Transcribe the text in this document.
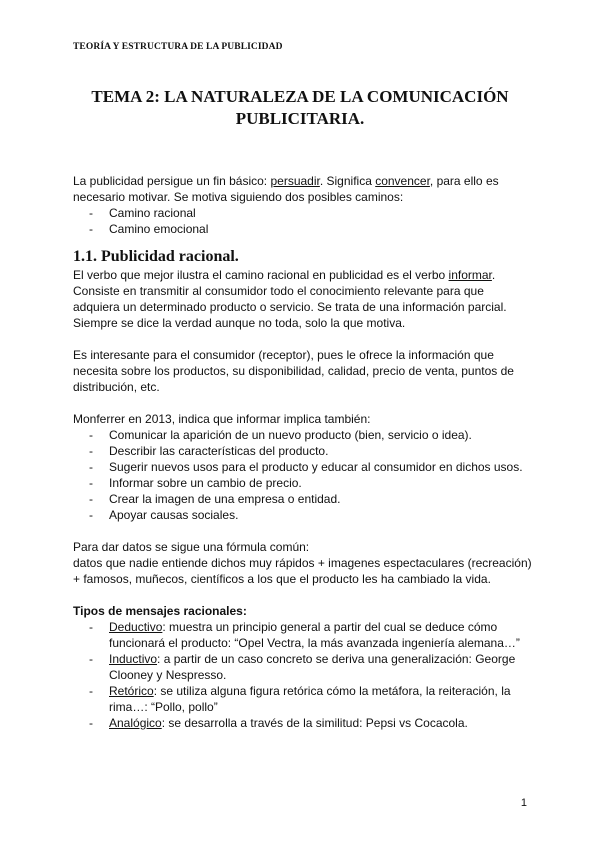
TEORÍA Y ESTRUCTURA DE LA PUBLICIDAD
TEMA 2: LA NATURALEZA DE LA COMUNICACIÓN
PUBLICITARIA.

La publicidad persigue un fin básico: persuadir. Significa convencer, para ello es necesario motivar. Se motiva siguiendo dos posibles caminos:

- Camino racional
- Camino emocional
1.1. Publicidad racional.

El verbo que mejor ilustra el camino racional en publicidad es el verbo informar. Consiste en transmitir al consumidor todo el conocimiento relevante para que adquiera un determinado producto o servicio. Se trata de una información parcial. Siempre se dice la verdad aunque no toda, solo la que motiva.

Es interesante para el consumidor (receptor), pues le ofrece la información que necesita sobre los productos, su disponibilidad, calidad, precio de venta, puntos de distribución, etc.

Monferrer en 2013, indica que informar implica también:

- Comunicar la aparición de un nuevo producto (bien, servicio o idea).
- Describir las características del producto.
- Sugerir nuevos usos para el producto y educar al consumidor en dichos usos.
- Informar sobre un cambio de precio.
- Crear la imagen de una empresa o entidad.
- Apoyar causas sociales.

Para dar datos se sigue una fórmula común:
datos que nadie entiende dichos muy rápidos + imagenes espectaculares (recreación) + famosos, muñecos, científicos a los que el producto les ha cambiado la vida.

Tipos de mensajes racionales:

- Deductivo: muestra un principio general a partir del cual se deduce cómo funcionará el producto: “Opel Vectra, la más avanzada ingeniería alemana…”
- Inductivo: a partir de un caso concreto se deriva una generalización: George Clooney y Nespresso.
- Retórico: se utiliza alguna figura retórica cómo la metáfora, la reiteración, la rima…: “Pollo, pollo”
- Analógico: se desarrolla a través de la similitud: Pepsi vs Cocacola.
1
